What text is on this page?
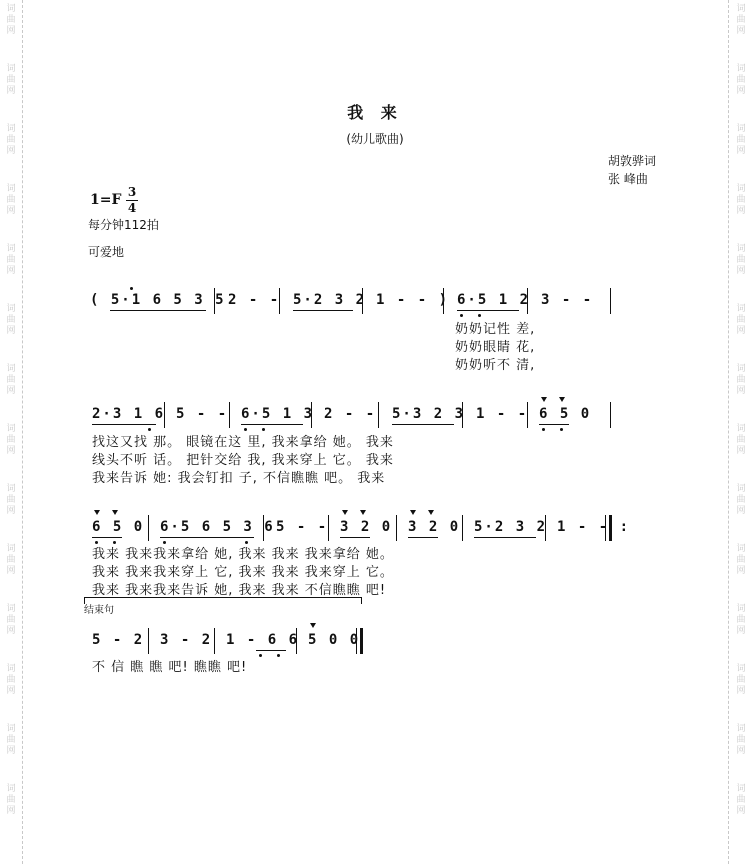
词
曲
网
词
曲
网
词
曲
网
词
曲
网
词
曲
网
词
曲
网
词
曲
网
词
曲
网
词
曲
网
词
曲
网
词
曲
网
词
曲
网
词
曲
网
词
曲
网
词
曲
网
词
曲
网
词
曲
网
词
曲
网
词
曲
网
词
曲
网
词
曲
网
词
曲
网
词
曲
网
词
曲
网
词
曲
网
词
曲
网
词
曲
网
词
曲
网
我 来
(幼儿歌曲)
胡敦骅词
张 峰曲
1=F 3
4
每分钟112拍
可爱地
( 5·1 6 5 3 5 2 - - 5·2 3 2 1 - - ) 6·5 1 2 3 - -
奶奶记性 差,
奶奶眼睛 花,
奶奶听不 清,
2·3 1 6 5 - - 6·5 1 3 2 - - 5·3 2 3 1 - - 6 5 0
找这又找 那。 眼镜在这 里, 我来拿给 她。 我来
线头不听 话。 把针交给 我, 我来穿上 它。 我来
我来告诉 她: 我会钉扣 子, 不信瞧瞧 吧。 我来
6 5 0 6·5 6 5 3 6 5 - - 3 2 0 3 2 0 5·2 3 2 1 - - :
我来 我来我来拿给 她, 我来 我来 我来拿给 她。
我来 我来我来穿上 它, 我来 我来 我来穿上 它。
我来 我来我来告诉 她, 我来 我来 不信瞧瞧 吧!
结束句
5 - 2 3 - 2 1 - 6 6 5 0 0
不 信 瞧 瞧 吧! 瞧瞧 吧!
